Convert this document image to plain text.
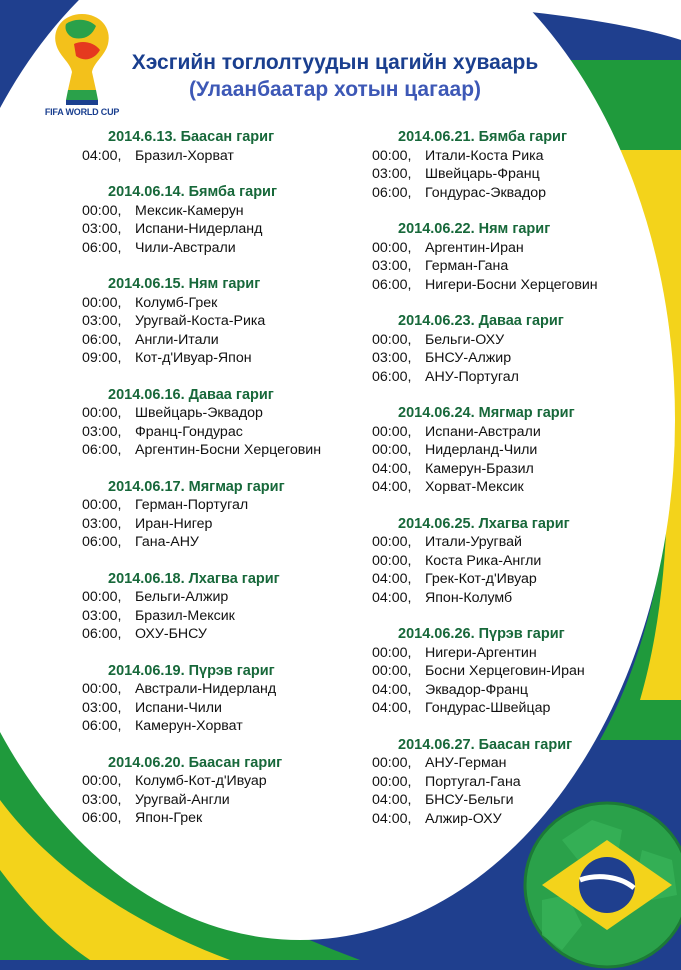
FIFA WORLD CUP
Хэсгийн тоглолтуудын цагийн хуваарь
(Улаанбаатар хотын цагаар)
2014.6.13. Баасан гариг
04:00, Бразил-Хорват
2014.06.14. Бямба гариг
00:00, Мексик-Камерун
03:00, Испани-Нидерланд
06:00, Чили-Австрали
2014.06.15. Ням гариг
00:00, Колумб-Грек
03:00, Уругвай-Коста-Рика
06:00, Англи-Итали
09:00, Кот-д'Ивуар-Япон
2014.06.16. Даваа гариг
00:00, Швейцарь-Эквадор
03:00, Франц-Гондурас
06:00, Аргентин-Босни Херцеговин
2014.06.17. Мягмар гариг
00:00, Герман-Португал
03:00, Иран-Нигер
06:00, Гана-АНУ
2014.06.18. Лхагва гариг
00:00, Бельги-Алжир
03:00, Бразил-Мексик
06:00, ОХУ-БНСУ
2014.06.19. Пүрэв гариг
00:00, Австрали-Нидерланд
03:00, Испани-Чили
06:00, Камерун-Хорват
2014.06.20. Баасан гариг
00:00, Колумб-Кот-д'Ивуар
03:00, Уругвай-Англи
06:00, Япон-Грек
2014.06.21. Бямба гариг
00:00, Итали-Коста Рика
03:00, Швейцарь-Франц
06:00, Гондурас-Эквадор
2014.06.22. Ням гариг
00:00, Аргентин-Иран
03:00, Герман-Гана
06:00, Нигери-Босни Херцеговин
2014.06.23. Даваа гариг
00:00, Бельги-ОХУ
03:00, БНСУ-Алжир
06:00, АНУ-Португал
2014.06.24. Мягмар гариг
00:00, Испани-Австрали
00:00, Нидерланд-Чили
04:00, Камерун-Бразил
04:00, Хорват-Мексик
2014.06.25. Лхагва гариг
00:00, Итали-Уругвай
00:00, Коста Рика-Англи
04:00, Грек-Кот-д'Ивуар
04:00, Япон-Колумб
2014.06.26. Пүрэв гариг
00:00, Нигери-Аргентин
00:00, Босни Херцеговин-Иран
04:00, Эквадор-Франц
04:00, Гондурас-Швейцар
2014.06.27. Баасан гариг
00:00, АНУ-Герман
00:00, Португал-Гана
04:00, БНСУ-Бельги
04:00, Алжир-ОХУ
